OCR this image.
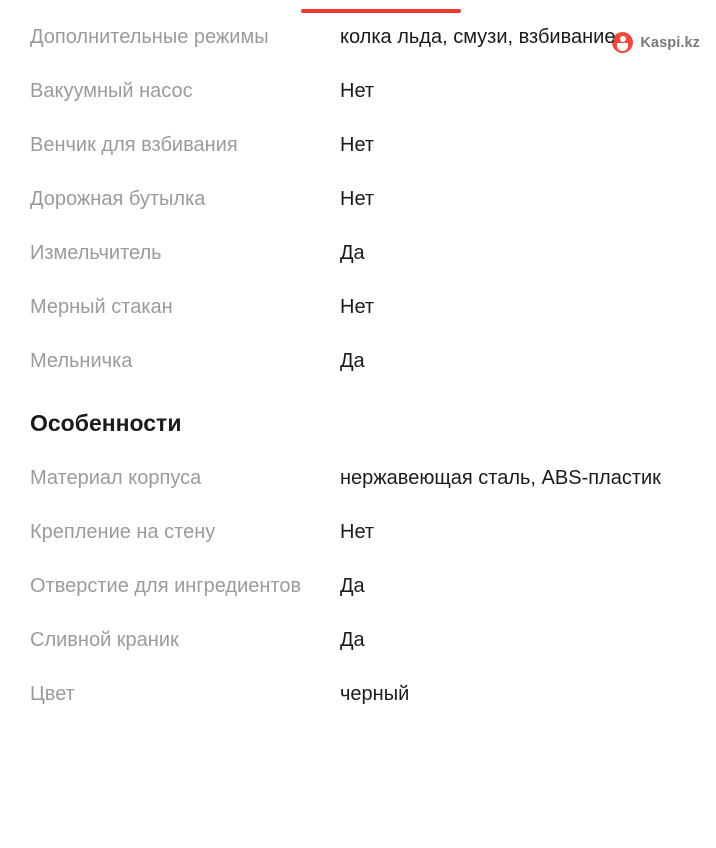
Kaspi.kz
Дополнительные режимы	колка льда, смузи, взбивание
Вакуумный насос	Нет
Венчик для взбивания	Нет
Дорожная бутылка	Нет
Измельчитель	Да
Мерный стакан	Нет
Мельничка	Да
Особенности
Материал корпуса	нержавеющая сталь, ABS-пластик
Крепление на стену	Нет
Отверстие для ингредиентов	Да
Сливной краник	Да
Цвет	черный
